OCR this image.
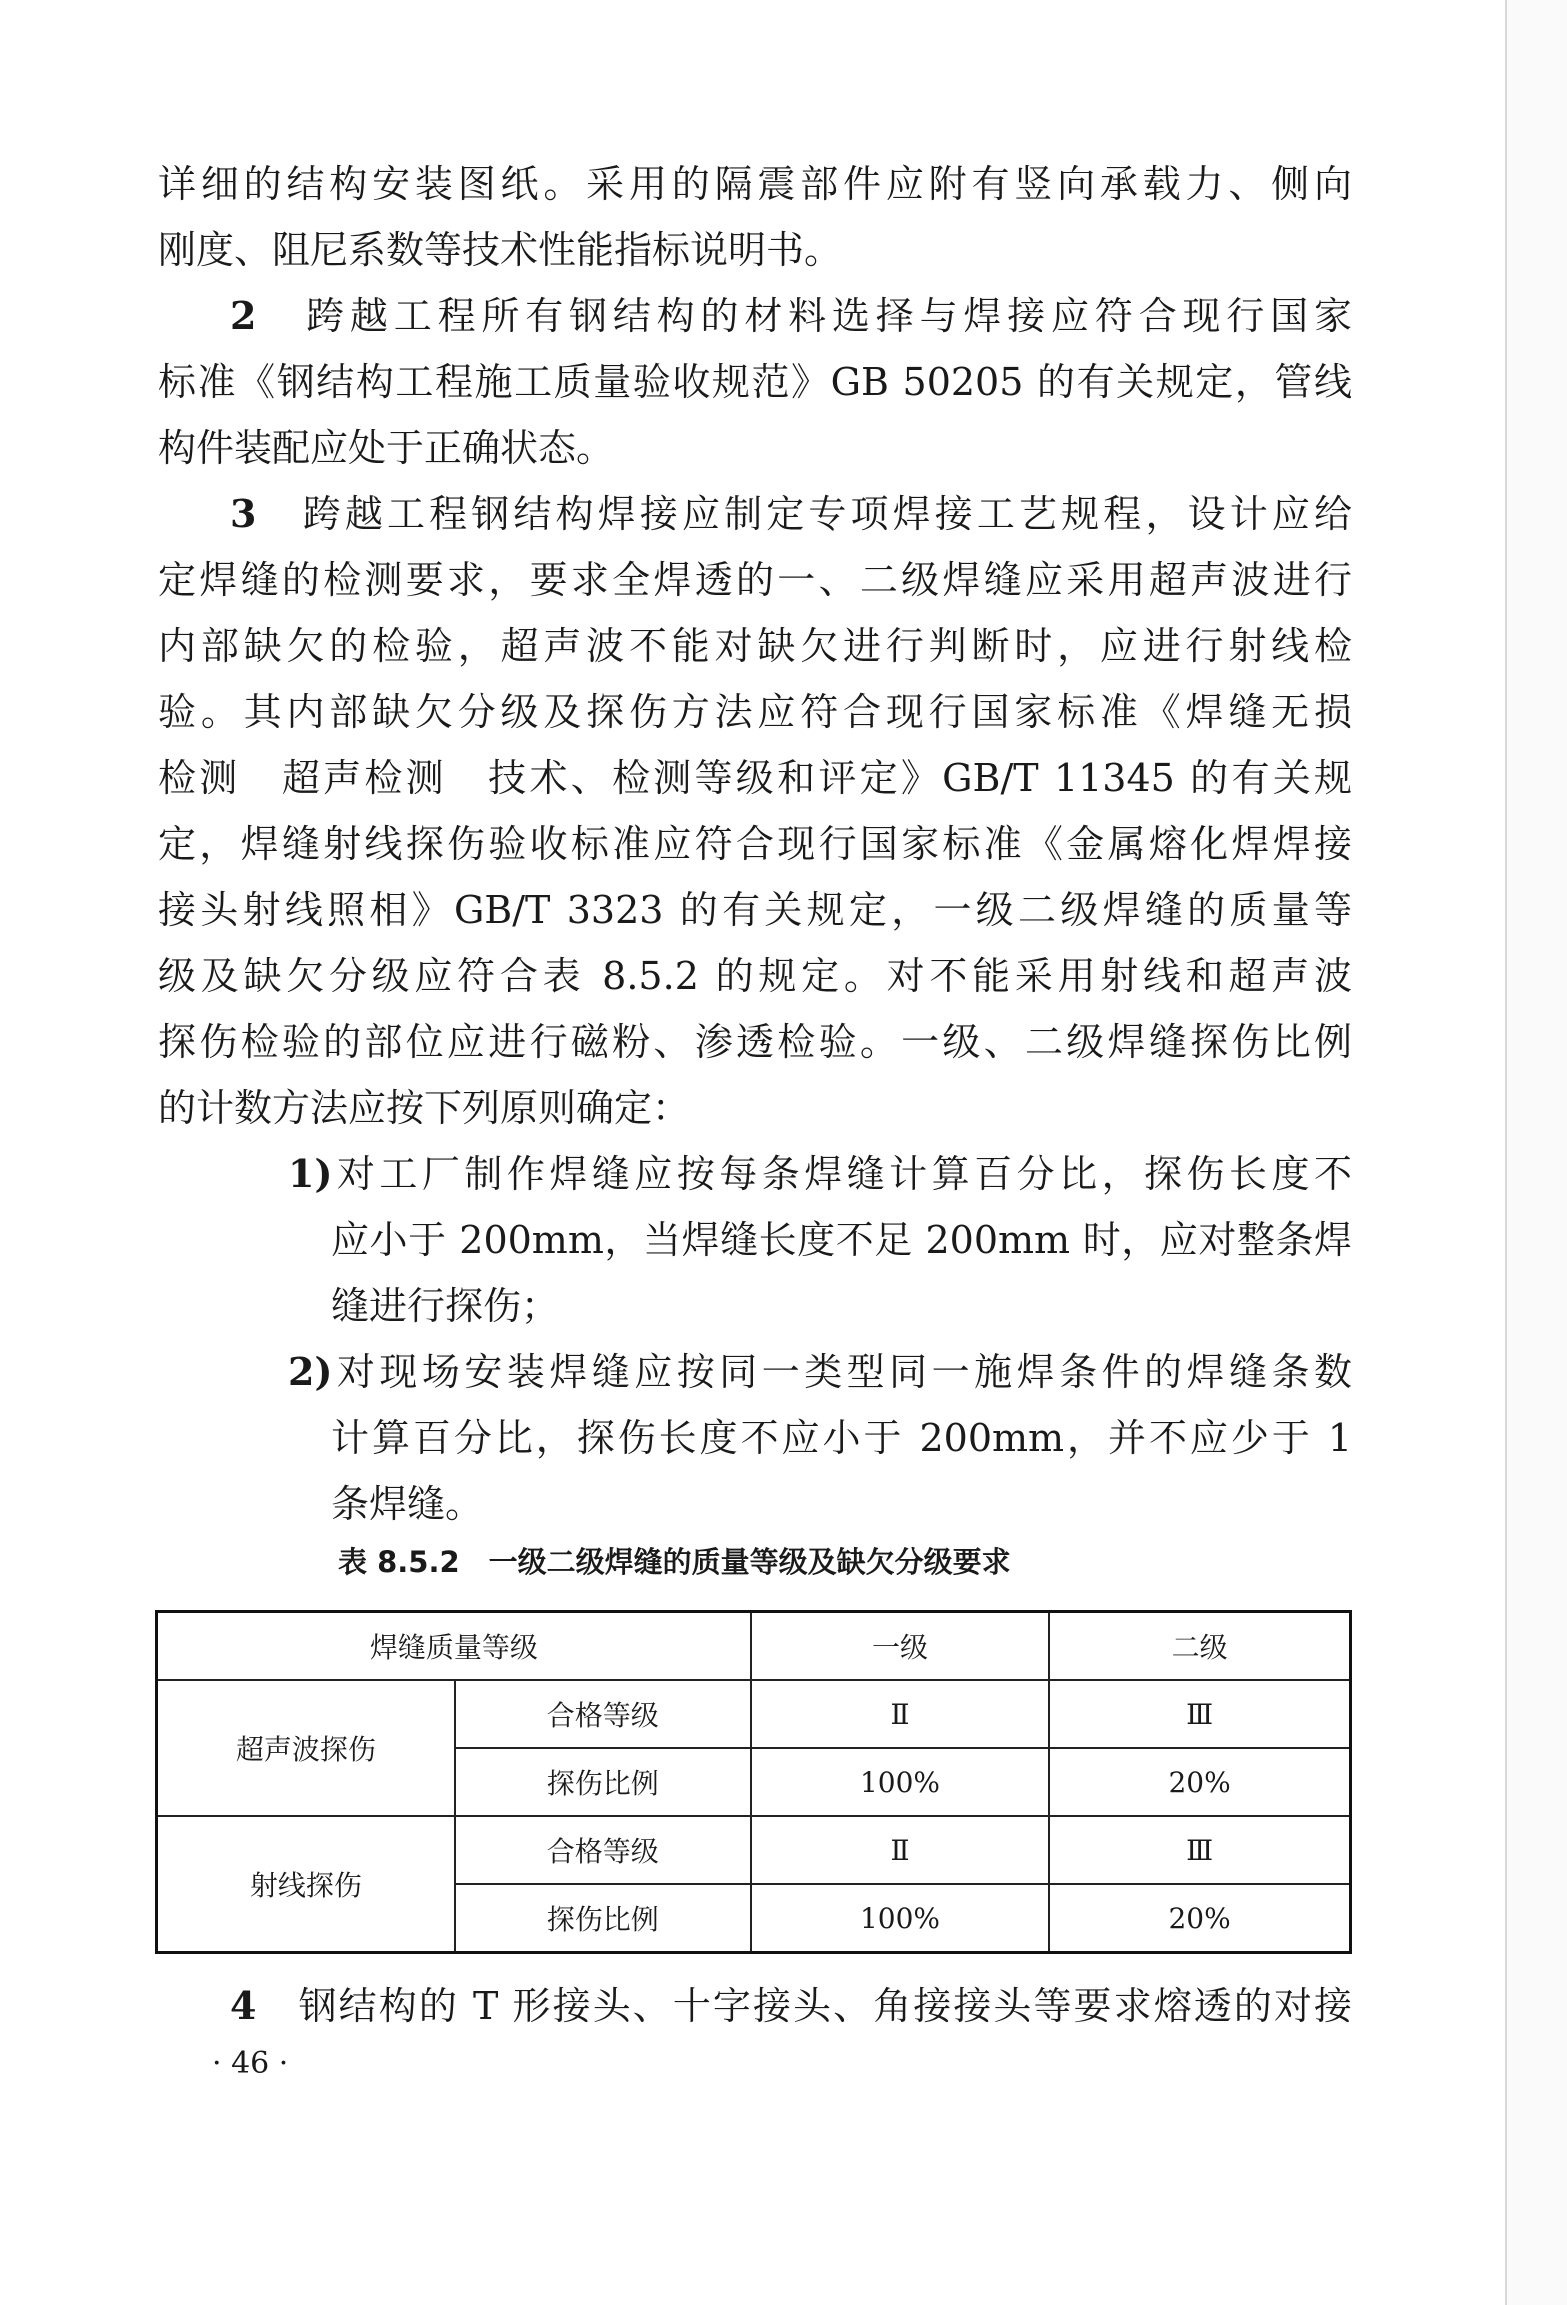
详细的结构安装图纸。采用的隔震部件应附有竖向承载力、侧向
刚度、阻尼系数等技术性能指标说明书。
2　 跨越工程所有钢结构的材料选择与焊接应符合现行国家
标准《钢结构工程施工质量验收规范》GB 50205 的有关规定，管线
构件装配应处于正确状态。
3　 跨越工程钢结构焊接应制定专项焊接工艺规程，设计应给
定焊缝的检测要求，要求全焊透的一、二级焊缝应采用超声波进行
内部缺欠的检验，超声波不能对缺欠进行判断时，应进行射线检
验。其内部缺欠分级及探伤方法应符合现行国家标准《焊缝无损
检测　超声检测　技术、检测等级和评定》GB/T 11345 的有关规
定，焊缝射线探伤验收标准应符合现行国家标准《金属熔化焊焊接
接头射线照相》GB/T 3323 的有关规定，一级二级焊缝的质量等
级及缺欠分级应符合表 8.5.2 的规定。对不能采用射线和超声波
探伤检验的部位应进行磁粉、渗透检验。一级、二级焊缝探伤比例
的计数方法应按下列原则确定：
1)对工厂制作焊缝应按每条焊缝计算百分比，探伤长度不
应小于 200mm，当焊缝长度不足 200mm 时，应对整条焊
缝进行探伤；
2)对现场安装焊缝应按同一类型同一施焊条件的焊缝条数
计算百分比，探伤长度不应小于 200mm，并不应少于 1
条焊缝。
表 8.5.2　一级二级焊缝的质量等级及缺欠分级要求
焊缝质量等级		一级	二级
超声波探伤	合格等级	Ⅱ	Ⅲ
	探伤比例	100%	20%
射线探伤	合格等级	Ⅱ	Ⅲ
	探伤比例	100%	20%
4　 钢结构的 T 形接头、十字接头、角接接头等要求熔透的对接
· 46 ·
